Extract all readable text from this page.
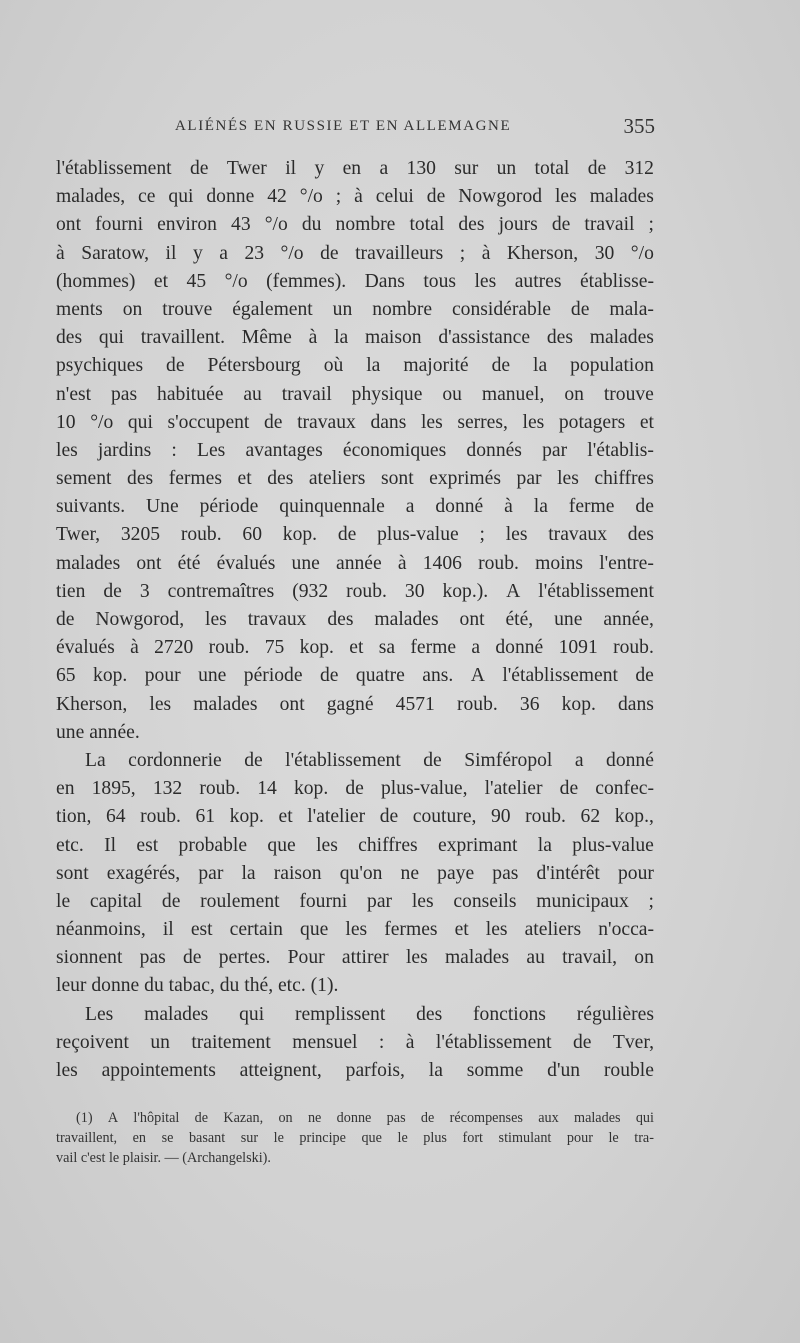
ALIÉNÉS EN RUSSIE ET EN ALLEMAGNE	355
l'établissement de Twer il y en a 130 sur un total de 312
malades, ce qui donne 42 °/o ; à celui de Nowgorod les malades
ont fourni environ 43 °/o du nombre total des jours de travail ;
à Saratow, il y a 23 °/o de travailleurs ; à Kherson, 30 °/o
(hommes) et 45 °/o (femmes). Dans tous les autres établisse-
ments on trouve également un nombre considérable de mala-
des qui travaillent. Même à la maison d'assistance des malades
psychiques de Pétersbourg où la majorité de la population
n'est pas habituée au travail physique ou manuel, on trouve
10 °/o qui s'occupent de travaux dans les serres, les potagers et
les jardins : Les avantages économiques donnés par l'établis-
sement des fermes et des ateliers sont exprimés par les chiffres
suivants. Une période quinquennale a donné à la ferme de
Twer, 3205 roub. 60 kop. de plus-value ; les travaux des
malades ont été évalués une année à 1406 roub. moins l'entre-
tien de 3 contremaîtres (932 roub. 30 kop.). A l'établissement
de Nowgorod, les travaux des malades ont été, une année,
évalués à 2720 roub. 75 kop. et sa ferme a donné 1091 roub.
65 kop. pour une période de quatre ans. A l'établissement de
Kherson, les malades ont gagné 4571 roub. 36 kop. dans
une année.
La cordonnerie de l'établissement de Simféropol a donné
en 1895, 132 roub. 14 kop. de plus-value, l'atelier de confec-
tion, 64 roub. 61 kop. et l'atelier de couture, 90 roub. 62 kop.,
etc. Il est probable que les chiffres exprimant la plus-value
sont exagérés, par la raison qu'on ne paye pas d'intérêt pour
le capital de roulement fourni par les conseils municipaux ;
néanmoins, il est certain que les fermes et les ateliers n'occa-
sionnent pas de pertes. Pour attirer les malades au travail, on
leur donne du tabac, du thé, etc. (1).
Les malades qui remplissent des fonctions régulières
reçoivent un traitement mensuel : à l'établissement de Tver,
les appointements atteignent, parfois, la somme d'un rouble
(1) A l'hôpital de Kazan, on ne donne pas de récompenses aux malades qui
travaillent, en se basant sur le principe que le plus fort stimulant pour le tra-
vail c'est le plaisir. — (Archangelski).
